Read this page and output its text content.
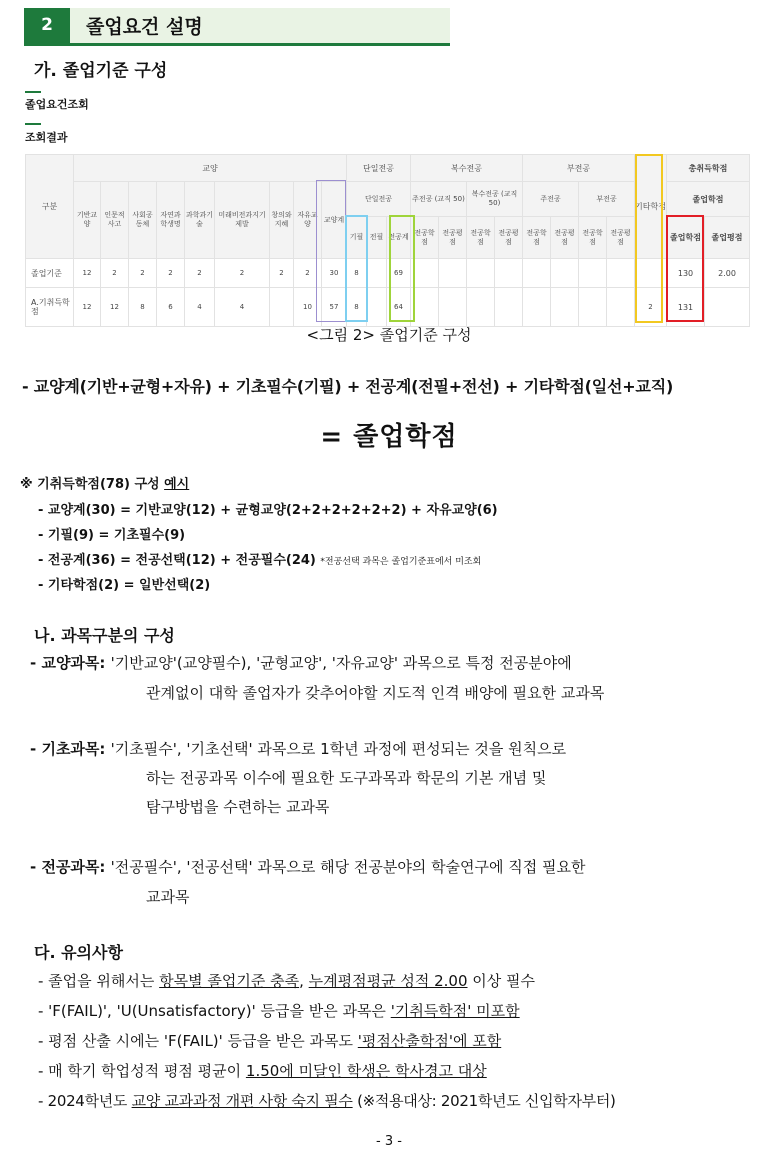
2	졸업요건 설명
가. 졸업기준 구성
졸업요건조회
조회결과
구분	교양									단일전공			복수전공				부전공				기타학점	총취득학점	
	기반교양	인문적사고	사회공동체	자연과학생명	과학과기술	미래비전과지기제발	창의와지혜	자유교양	교양계	단일전공			주전공 (교직 50)		복수전공 (교직 50)		주전공		부전공			졸업학점	
										기필	전필	전공계	전공학점	전공평점	전공학점	전공평점	전공학점	전공평점	전공학점	전공평점		졸업학점	졸업평점
졸업기준	12	2	2	2	2	2	2	2	30	8		69										130	2.00
A.기취득학점	12	12	8	6	4	4		10	57	8		64									2	131	
<그림 2> 졸업기준 구성
- 교양계(기반+균형+자유) + 기초필수(기필) + 전공계(전필+전선) + 기타학점(일선+교직)
= 졸업학점
※ 기취득학점(78) 구성 예시
- 교양계(30) = 기반교양(12) + 균형교양(2+2+2+2+2+2) + 자유교양(6)
- 기필(9) = 기초필수(9)
- 전공계(36) = 전공선택(12) + 전공필수(24) *전공선택 과목은 졸업기준표에서 미조회
- 기타학점(2) = 일반선택(2)
나. 과목구분의 구성
- 교양과목: '기반교양'(교양필수), '균형교양', '자유교양' 과목으로 특정 전공분야에
관계없이 대학 졸업자가 갖추어야할 지도적 인격 배양에 필요한 교과목
- 기초과목: '기초필수', '기초선택' 과목으로 1학년 과정에 편성되는 것을 원칙으로
하는 전공과목 이수에 필요한 도구과목과 학문의 기본 개념 및
탐구방법을 수련하는 교과목
- 전공과목: '전공필수', '전공선택' 과목으로 해당 전공분야의 학술연구에 직접 필요한
교과목
다. 유의사항
- 졸업을 위해서는 항목별 졸업기준 충족, 누계평점평균 성적 2.00 이상 필수
- 'F(FAIL)', 'U(Unsatisfactory)' 등급을 받은 과목은 '기취득학점' 미포함
- 평점 산출 시에는 'F(FAIL)' 등급을 받은 과목도 '평점산출학점'에 포함
- 매 학기 학업성적 평점 평균이 1.50에 미달인 학생은 학사경고 대상
- 2024학년도 교양 교과과정 개편 사항 숙지 필수 (※적용대상: 2021학년도 신입학자부터)
- 3 -
